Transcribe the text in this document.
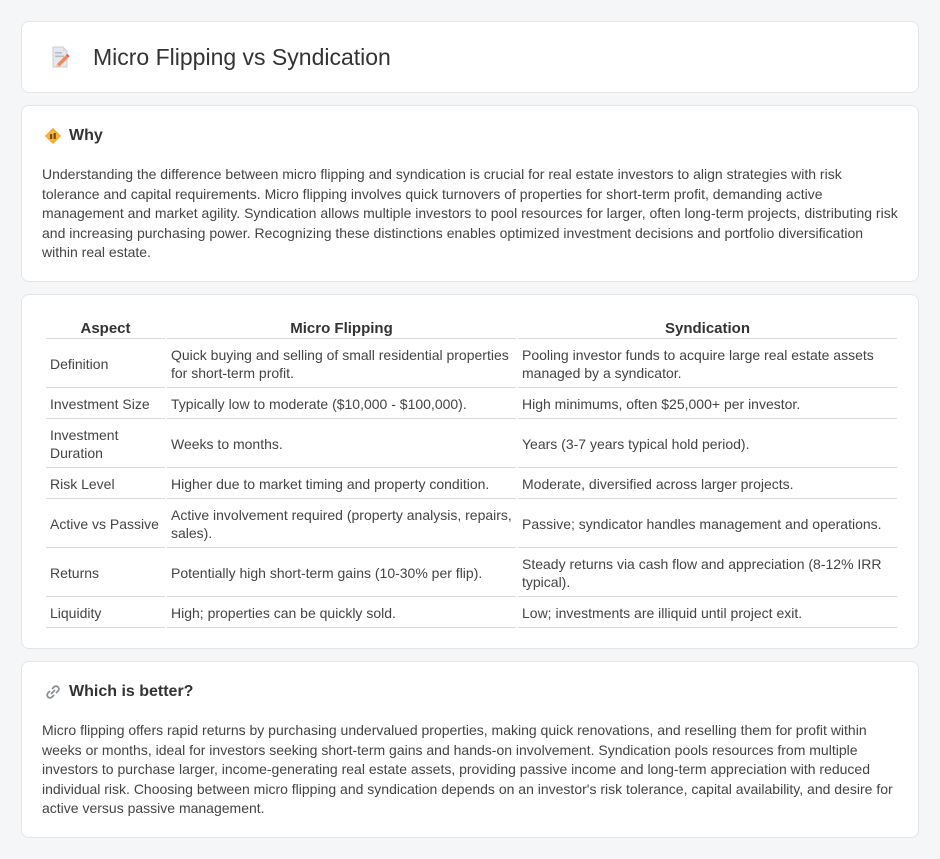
Micro Flipping vs Syndication
Why

Understanding the difference between micro flipping and syndication is crucial for real estate investors to align strategies with risk tolerance and capital requirements. Micro flipping involves quick turnovers of properties for short-term profit, demanding active management and market agility. Syndication allows multiple investors to pool resources for larger, often long-term projects, distributing risk and increasing purchasing power. Recognizing these distinctions enables optimized investment decisions and portfolio diversification within real estate.

Aspect	Micro Flipping	Syndication
Definition	Quick buying and selling of small residential properties for short-term profit.	Pooling investor funds to acquire large real estate assets managed by a syndicator.
Investment Size	Typically low to moderate ($10,000 - $100,000).	High minimums, often $25,000+ per investor.
Investment Duration	Weeks to months.	Years (3-7 years typical hold period).
Risk Level	Higher due to market timing and property condition.	Moderate, diversified across larger projects.
Active vs Passive	Active involvement required (property analysis, repairs, sales).	Passive; syndicator handles management and operations.
Returns	Potentially high short-term gains (10-30% per flip).	Steady returns via cash flow and appreciation (8-12% IRR typical).
Liquidity	High; properties can be quickly sold.	Low; investments are illiquid until project exit.
Which is better?

Micro flipping offers rapid returns by purchasing undervalued properties, making quick renovations, and reselling them for profit within weeks or months, ideal for investors seeking short-term gains and hands-on involvement. Syndication pools resources from multiple investors to purchase larger, income-generating real estate assets, providing passive income and long-term appreciation with reduced individual risk. Choosing between micro flipping and syndication depends on an investor's risk tolerance, capital availability, and desire for active versus passive management.
